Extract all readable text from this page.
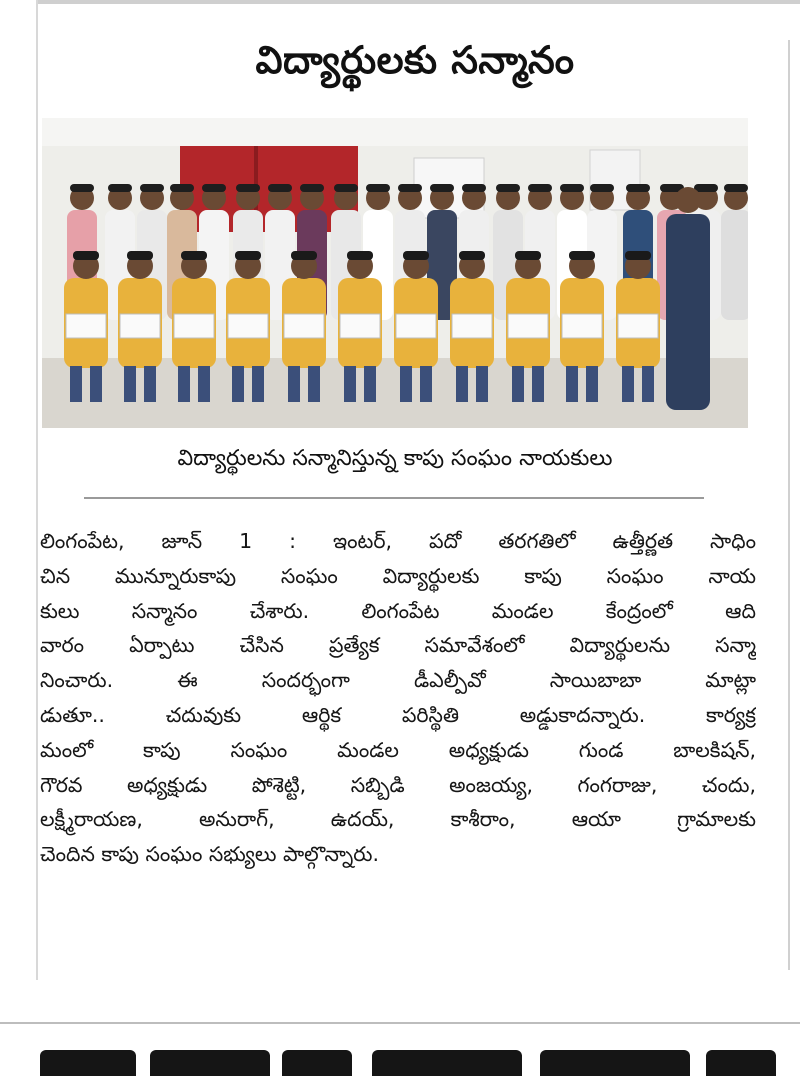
విద్యార్థులకు సన్మానం
విద్యార్థులను సన్మానిస్తున్న కాపు సంఘం నాయకులు
లింగంపేట, జూన్ 1 : ఇంటర్, పదో తరగతిలో ఉత్తీర్ణత సాధిం
చిన మున్నూరుకాపు సంఘం విద్యార్థులకు కాపు సంఘం నాయ
కులు సన్మానం చేశారు. లింగంపేట మండల కేంద్రంలో ఆది
వారం ఏర్పాటు చేసిన ప్రత్యేక సమావేశంలో విద్యార్థులను సన్మా
నించారు. ఈ సందర్భంగా డీఎల్పీవో సాయిబాబా మాట్లా
డుతూ.. చదువుకు ఆర్థిక పరిస్థితి అడ్డుకాదన్నారు. కార్యక్ర
మంలో కాపు సంఘం మండల అధ్యక్షుడు గుండ బాలకిషన్,
గౌరవ అధ్యక్షుడు పోశెట్టి, సబ్బిడి అంజయ్య, గంగరాజు, చందు,
లక్ష్మీరాయణ, అనురాగ్, ఉదయ్, కాశీరాం, ఆయా గ్రామాలకు
చెందిన కాపు సంఘం సభ్యులు పాల్గొన్నారు.
